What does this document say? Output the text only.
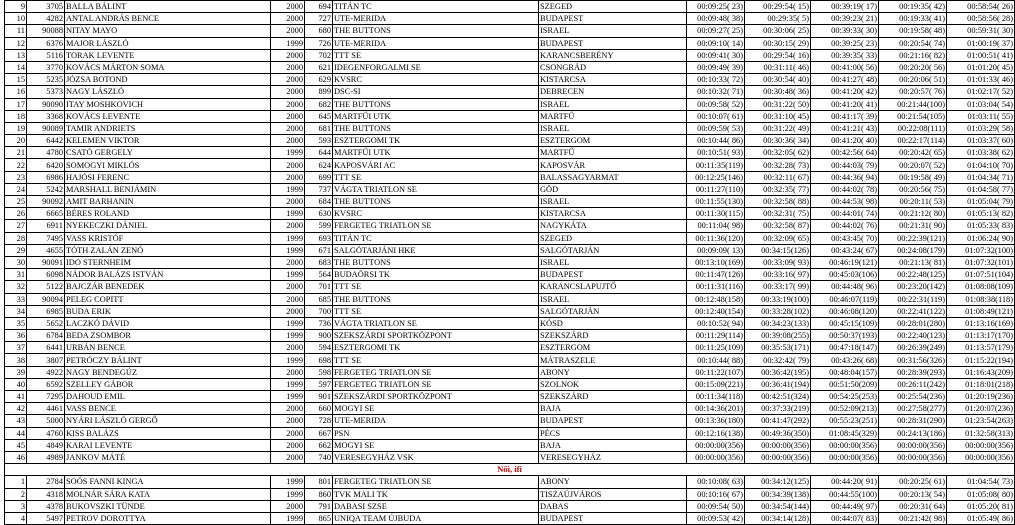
9	3705	BALLA BÁLINT	2000	694	TITÁN TC	SZEGED	00:09:25( 23)	00:29:54( 15)	00:39:19( 17)	00:19:35( 42)	00:58:54( 26)
10	4282	ANTAL ANDRÁS BENCE	2000	727	UTE-MERIDA	BUDAPEST	00:09:48( 38)	00:29:35( 5)	00:39:23( 21)	00:19:33( 41)	00:58:56( 28)
11	90088	NITAY MAYO	2000	680	THE BUTTONS	ISRAEL	00:09:27( 25)	00:30:06( 25)	00:39:33( 30)	00:19:58( 48)	00:59:31( 30)
12	6376	MAJOR LÁSZLÓ	1999	726	UTE-MERIDA	BUDAPEST	00:09:10( 14)	00:30:15( 29)	00:39:25( 23)	00:20:54( 74)	01:00:19( 37)
13	5116	TORAK LEVENTE	2000	702	TTT SE	KARANCSBERÉNY	00:09:41( 30)	00:29:54( 16)	00:39:35( 33)	00:21:16( 82)	01:00:51( 41)
14	3770	KOVÁCS MÁRTON SOMA	2000	621	IDEGENFORGALMI SE	CSONGRÁD	00:09:49( 39)	00:31:11( 46)	00:41:00( 56)	00:20:20( 56)	01:01:20( 45)
15	5235	JÓZSA BOTOND	2000	629	KVSRC	KISTARCSA	00:10:33( 72)	00:30:54( 40)	00:41:27( 48)	00:20:06( 51)	01:01:33( 46)
16	5373	NAGY LÁSZLÓ	2000	899	DSC-SI	DEBRECEN	00:10:32( 71)	00:30:48( 36)	00:41:20( 42)	00:20:57( 76)	01:02:17( 52)
17	90090	ITAY MOSHKOVICH	2000	682	THE BUTTONS	ISRAEL	00:09:58( 52)	00:31:22( 50)	00:41:20( 41)	00:21:44(100)	01:03:04( 54)
18	3368	KOVÁCS LEVENTE	2000	645	MARTFŰI UTK	MARTFŰ	00:10:07( 61)	00:31:10( 45)	00:41:17( 39)	00:21:54(105)	01:03:11( 55)
19	90089	TAMIR ANDRIETS	2000	681	THE BUTTONS	ISRAEL	00:09:59( 53)	00:31:22( 49)	00:41:21( 43)	00:22:08(111)	01:03:29( 58)
20	6442	KELEMEN VIKTOR	2000	593	ESZTERGOMI TK	ESZTERGOM	00:10:44( 86)	00:30:36( 34)	00:41:20( 40)	00:22:17(114)	01:03:37( 60)
21	4780	CSATÓ GERGELY	1999	644	MARTFŰI UTK	MARTFŰ	00:10:51( 93)	00:32:05( 62)	00:42:56( 64)	00:20:42( 65)	01:03:38( 62)
22	6420	SOMOGYI MIKLÓS	2000	624	KAPOSVÁRI AC	KAPOSVÁR	00:11:35(119)	00:32:28( 73)	00:44:03( 79)	00:20:07( 52)	01:04:10( 70)
23	6986	HAJÓSI FERENC	2000	699	TTT SE	BALASSAGYARMAT	00:12:25(146)	00:32:11( 67)	00:44:36( 94)	00:19:58( 49)	01:04:34( 71)
24	5242	MARSHALL BENJÁMIN	1999	737	VÁGTA TRIATLON SE	GÖD	00:11:27(110)	00:32:35( 77)	00:44:02( 78)	00:20:56( 75)	01:04:58( 77)
25	90092	AMIT BARHANIN	2000	684	THE BUTTONS	ISRAEL	00:11:55(130)	00:32:58( 88)	00:44:53( 98)	00:20:11( 53)	01:05:04( 79)
26	6665	BÉRES ROLAND	1999	630	KVSRC	KISTARCSA	00:11:30(115)	00:32:31( 75)	00:44:01( 74)	00:21:12( 80)	01:05:13( 82)
27	6911	NYEKECZKI DÁNIEL	2000	599	FERGETEG TRIATLON SE	NAGYKÁTA	00:11:04( 98)	00:32:58( 87)	00:44:02( 76)	00:21:31( 90)	01:05:33( 83)
28	7495	VASS KRISTÓF	1999	693	TITÁN TC	SZEGED	00:11:36(120)	00:32:09( 65)	00:43:45( 70)	00:22:39(121)	01:06:24( 90)
29	4655	TÓTH ZALÁN ZENÓ	1999	671	SALGÓTARJÁNI HKE	SALGÓTARJÁN	00:09:09( 13)	00:34:15(126)	00:43:24( 67)	00:24:08(179)	01:07:32(100)
30	90091	IDO STERNHEIM	2000	683	THE BUTTONS	ISRAEL	00:13:10(169)	00:33:09( 93)	00:46:19(121)	00:21:13( 81)	01:07:32(101)
31	6098	NÁDOR BALÁZS ISTVÁN	1999	564	BUDAÖRSI TK	BUDAPEST	00:11:47(126)	00:33:16( 97)	00:45:03(106)	00:22:48(125)	01:07:51(104)
32	5122	BAJCZÁR BENEDEK	2000	701	TTT SE	KARANCSLAPUJTŐ	00:11:31(116)	00:33:17( 99)	00:44:48( 96)	00:23:20(142)	01:08:08(109)
33	90094	PELEG COPITT	2000	685	THE BUTTONS	ISRAEL	00:12:48(158)	00:33:19(100)	00:46:07(119)	00:22:31(119)	01:08:38(118)
34	6985	BUDA ERIK	2000	700	TTT SE	SALGÓTARJÁN	00:12:40(154)	00:33:28(102)	00:46:08(120)	00:22:41(122)	01:08:49(121)
35	5652	LACZKÓ DÁVID	1999	736	VÁGTA TRIATLON SE	KÓSD	00:10:52( 94)	00:34:23(133)	00:45:15(109)	00:28:01(280)	01:13:16(169)
36	6784	BEDA ZSOMBOR	1999	900	SZEKSZÁRDI SPORTKÖZPONT	SZEKSZÁRD	00:11:29(114)	00:39:08(255)	00:50:37(193)	00:22:40(123)	01:13:17(170)
37	6441	URBÁN BENCE	2000	594	ESZTERGOMI TK	ESZTERGOM	00:11:25(109)	00:35:53(171)	00:47:18(147)	00:26:39(249)	01:13:57(179)
38	3807	PETRÓCZY BÁLINT	1999	698	TTT SE	MÁTRASZELE	00:10:44( 88)	00:32:42( 79)	00:43:26( 68)	00:31:56(326)	01:15:22(194)
39	4922	NAGY BENDEGÚZ	2000	598	FERGETEG TRIATLON SE	ABONY	00:11:22(107)	00:36:42(195)	00:48:04(157)	00:28:39(293)	01:16:43(209)
40	6592	SZELLEY GÁBOR	1999	597	FERGETEG TRIATLON SE	SZOLNOK	00:15:09(221)	00:36:41(194)	00:51:50(209)	00:26:11(242)	01:18:01(218)
41	7295	DAHOUD EMIL	1999	901	SZEKSZÁRDI SPORTKÖZPONT	SZEKSZÁRD	00:11:34(118)	00:42:51(324)	00:54:25(253)	00:25:54(236)	01:20:19(236)
42	4461	VASS BENCE	2000	660	MOGYI SE	BAJA	00:14:36(201)	00:37:33(219)	00:52:09(213)	00:27:58(277)	01:20:07(236)
43	5000	NYÁRI LÁSZLÓ GERGŐ	2000	728	UTE-MERIDA	BUDAPEST	00:13:36(180)	00:41:47(292)	00:55:23(251)	00:28:31(290)	01:23:54(263)
44	4760	KISS BALÁZS	2000	667	PSN	PÉCS	00:12:16(138)	00:49:36(350)	01:08:45(329)	00:24:13(186)	01:32:58(313)
45	4849	KARAI LEVENTE	2000	662	MOGYI SE	BAJA	00:00:00(356)	00:00:00(356)	00:00:00(356)	00:00:00(356)	00:00:00(356)
46	4989	JANKOV MÁTÉ	2000	740	VERESEGYHÁZ VSK	VERESEGYHÁZ	00:00:00(356)	00:00:00(356)	00:00:00(356)	00:00:00(356)	00:00:00(356)
Női, ifi											
1	2784	SOÓS FANNI KINGA	1999	801	FERGETEG TRIATLON SE	ABONY	00:10:08( 63)	00:34:12(125)	00:44:20( 91)	00:20:25( 61)	01:04:54( 73)
2	4318	MOLNÁR SÁRA KATA	1999	860	TVK MALI TK	TISZAÚJVÁROS	00:10:16( 67)	00:34:39(138)	00:44:55(100)	00:20:13( 54)	01:05:08( 80)
3	4378	BUKOVSZKI TÜNDE	2000	791	DABASI SZSE	DABAS	00:09:54( 50)	00:34:54(144)	00:44:49( 97)	00:20:31( 64)	01:05:20( 81)
4	5497	PETROV DOROTTYA	1999	865	UNIQA TEAM ÚJBUDA	BUDAPEST	00:09:53( 42)	00:34:14(128)	00:44:07( 83)	00:21:42( 98)	01:05:49( 86)
